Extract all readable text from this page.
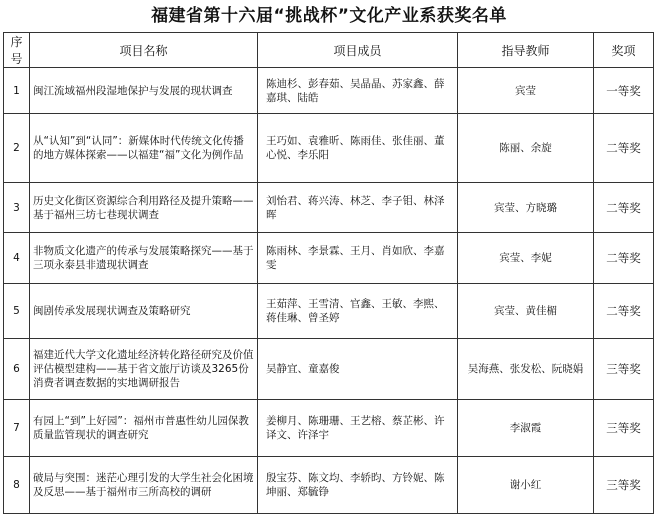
福建省第十六届“挑战杯”文化产业系获奖名单
序号	项目名称	项目成员	指导教师	奖项
1	闽江流域福州段湿地保护与发展的现状调查	陈迪杉、彭春茹、吴晶晶、苏家鑫、薛嘉琪、陆皓	宾莹	一等奖
2	从“认知”到“认同”：新媒体时代传统文化传播的地方媒体探索——以福建“福”文化为例作品	王巧如、袁雅昕、陈雨佳、张佳丽、董心悦、李乐阳	陈丽、余旋	二等奖
3	历史文化街区资源综合利用路径及提升策略——基于福州三坊七巷现状调查	刘怡君、蒋兴涛、林芝、李子钼、林泽晖	宾莹、方晓璐	二等奖
4	非物质文化遗产的传承与发展策略探究——基于三项永泰县非遗现状调查	陈雨林、李景霖、王月、肖如欣、李嘉雯	宾莹、李妮	二等奖
5	闽剧传承发展现状调查及策略研究	王茹萍、王雪清、官鑫、王敏、李熙、蒋佳琳、曾圣婷	宾莹、黄佳楣	二等奖
6	福建近代大学文化遗址经济转化路径研究及价值评估模型建构——基于省文旅厅访谈及3265份消费者调查数据的实地调研报告	吴静宜、童嘉俊	吴海燕、张发松、阮晓娟	三等奖
7	有园上“到”上好园”：福州市普惠性幼儿园保教质量监管现状的调查研究	姜柳月、陈珊珊、王艺榕、蔡芷彬、许译文、许泽宇	李淑霞	三等奖
8	破局与突围：迷茫心理引发的大学生社会化困境及反思——基于福州市三所高校的调研	殷宝芬、陈文均、李轿昀、方铃妮、陈坤丽、郑毓铮	谢小红	三等奖
